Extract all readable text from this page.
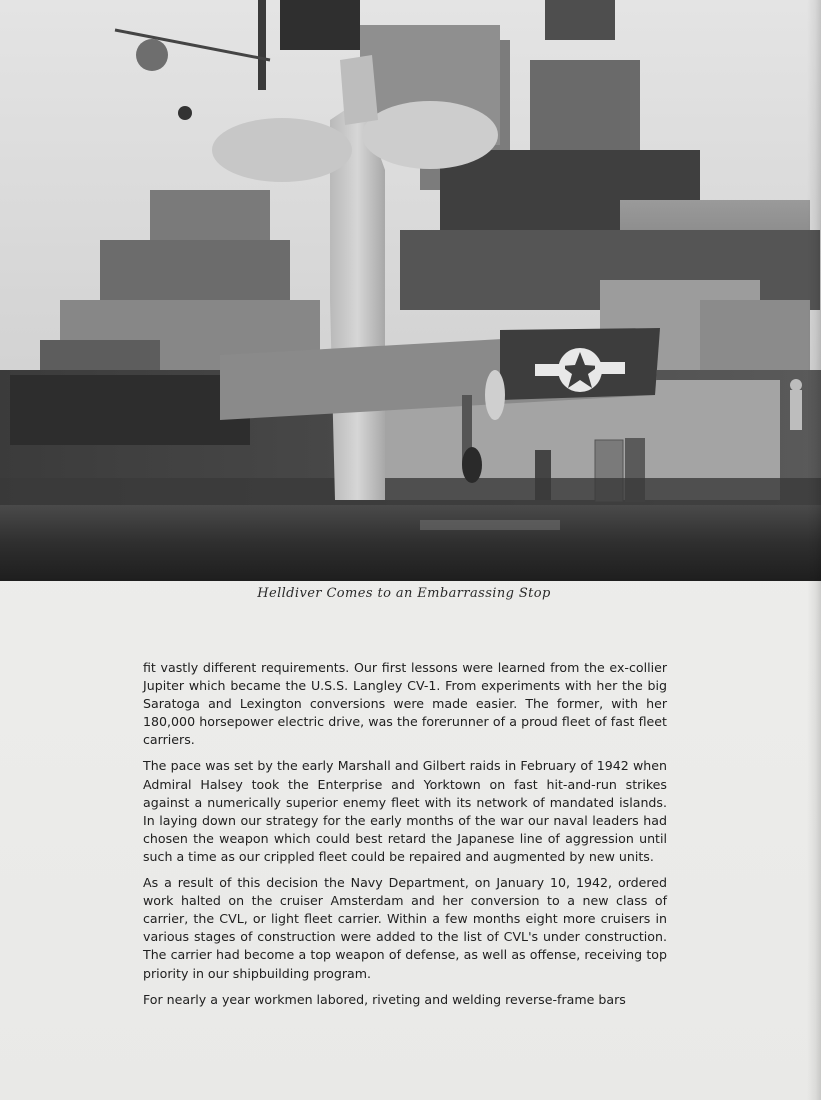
Helldiver Comes to an Embarrassing Stop

fit vastly different requirements. Our first lessons were learned from the ex-collier Jupiter which became the U.S.S. Langley CV-1. From experiments with her the big Saratoga and Lexington conversions were made easier. The former, with her 180,000 horsepower electric drive, was the forerunner of a proud fleet of fast fleet carriers.

The pace was set by the early Marshall and Gilbert raids in February of 1942 when Admiral Halsey took the Enterprise and Yorktown on fast hit-and-run strikes against a numerically superior enemy fleet with its network of mandated islands. In laying down our strategy for the early months of the war our naval leaders had chosen the weapon which could best retard the Japanese line of aggression until such a time as our crippled fleet could be repaired and augmented by new units.

As a result of this decision the Navy Department, on January 10, 1942, ordered work halted on the cruiser Amsterdam and her conversion to a new class of carrier, the CVL, or light fleet carrier. Within a few months eight more cruisers in various stages of construction were added to the list of CVL's under construction. The carrier had become a top weapon of defense, as well as offense, receiving top priority in our shipbuilding program.

For nearly a year workmen labored, riveting and welding reverse-frame bars
